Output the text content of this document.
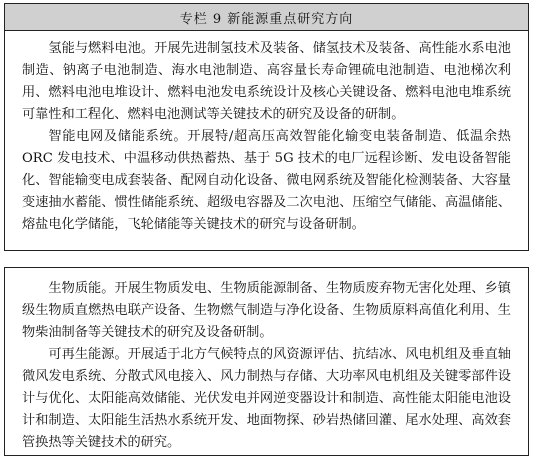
专栏 9 新能源重点研究方向

氢能与燃料电池。开展先进制氢技术及装备、储氢技术及装备、高性能水系电池制造、钠离子电池制造、海水电池制造、高容量长寿命锂硫电池制造、电池梯次利用、燃料电池电堆设计、燃料电池发电系统设计及核心关键设备、燃料电池电堆系统可靠性和工程化、燃料电池测试等关键技术的研究及设备的研制。

智能电网及储能系统。开展特/超高压高效智能化输变电装备制造、低温余热 ORC 发电技术、中温移动供热蓄热、基于 5G 技术的电厂远程诊断、发电设备智能化、智能输变电成套装备、配网自动化设备、微电网系统及智能化检测装备、大容量变速抽水蓄能、惯性储能系统、超级电容器及二次电池、压缩空气储能、高温储能、熔盐电化学储能，飞轮储能等关键技术的研究与设备研制。

生物质能。开展生物质发电、生物质能源制备、生物质废弃物无害化处理、乡镇级生物质直燃热电联产设备、生物燃气制造与净化设备、生物质原料高值化利用、生物柴油制备等关键技术的研究及设备研制。

可再生能源。开展适于北方气候特点的风资源评估、抗结冰、风电机组及垂直轴微风发电系统、分散式风电接入、风力制热与存储、大功率风电机组及关键零部件设计与优化、太阳能高效储能、光伏发电并网逆变器设计和制造、高性能太阳能电池设计和制造、太阳能生活热水系统开发、地面物探、砂岩热储回灌、尾水处理、高效套管换热等关键技术的研究。
